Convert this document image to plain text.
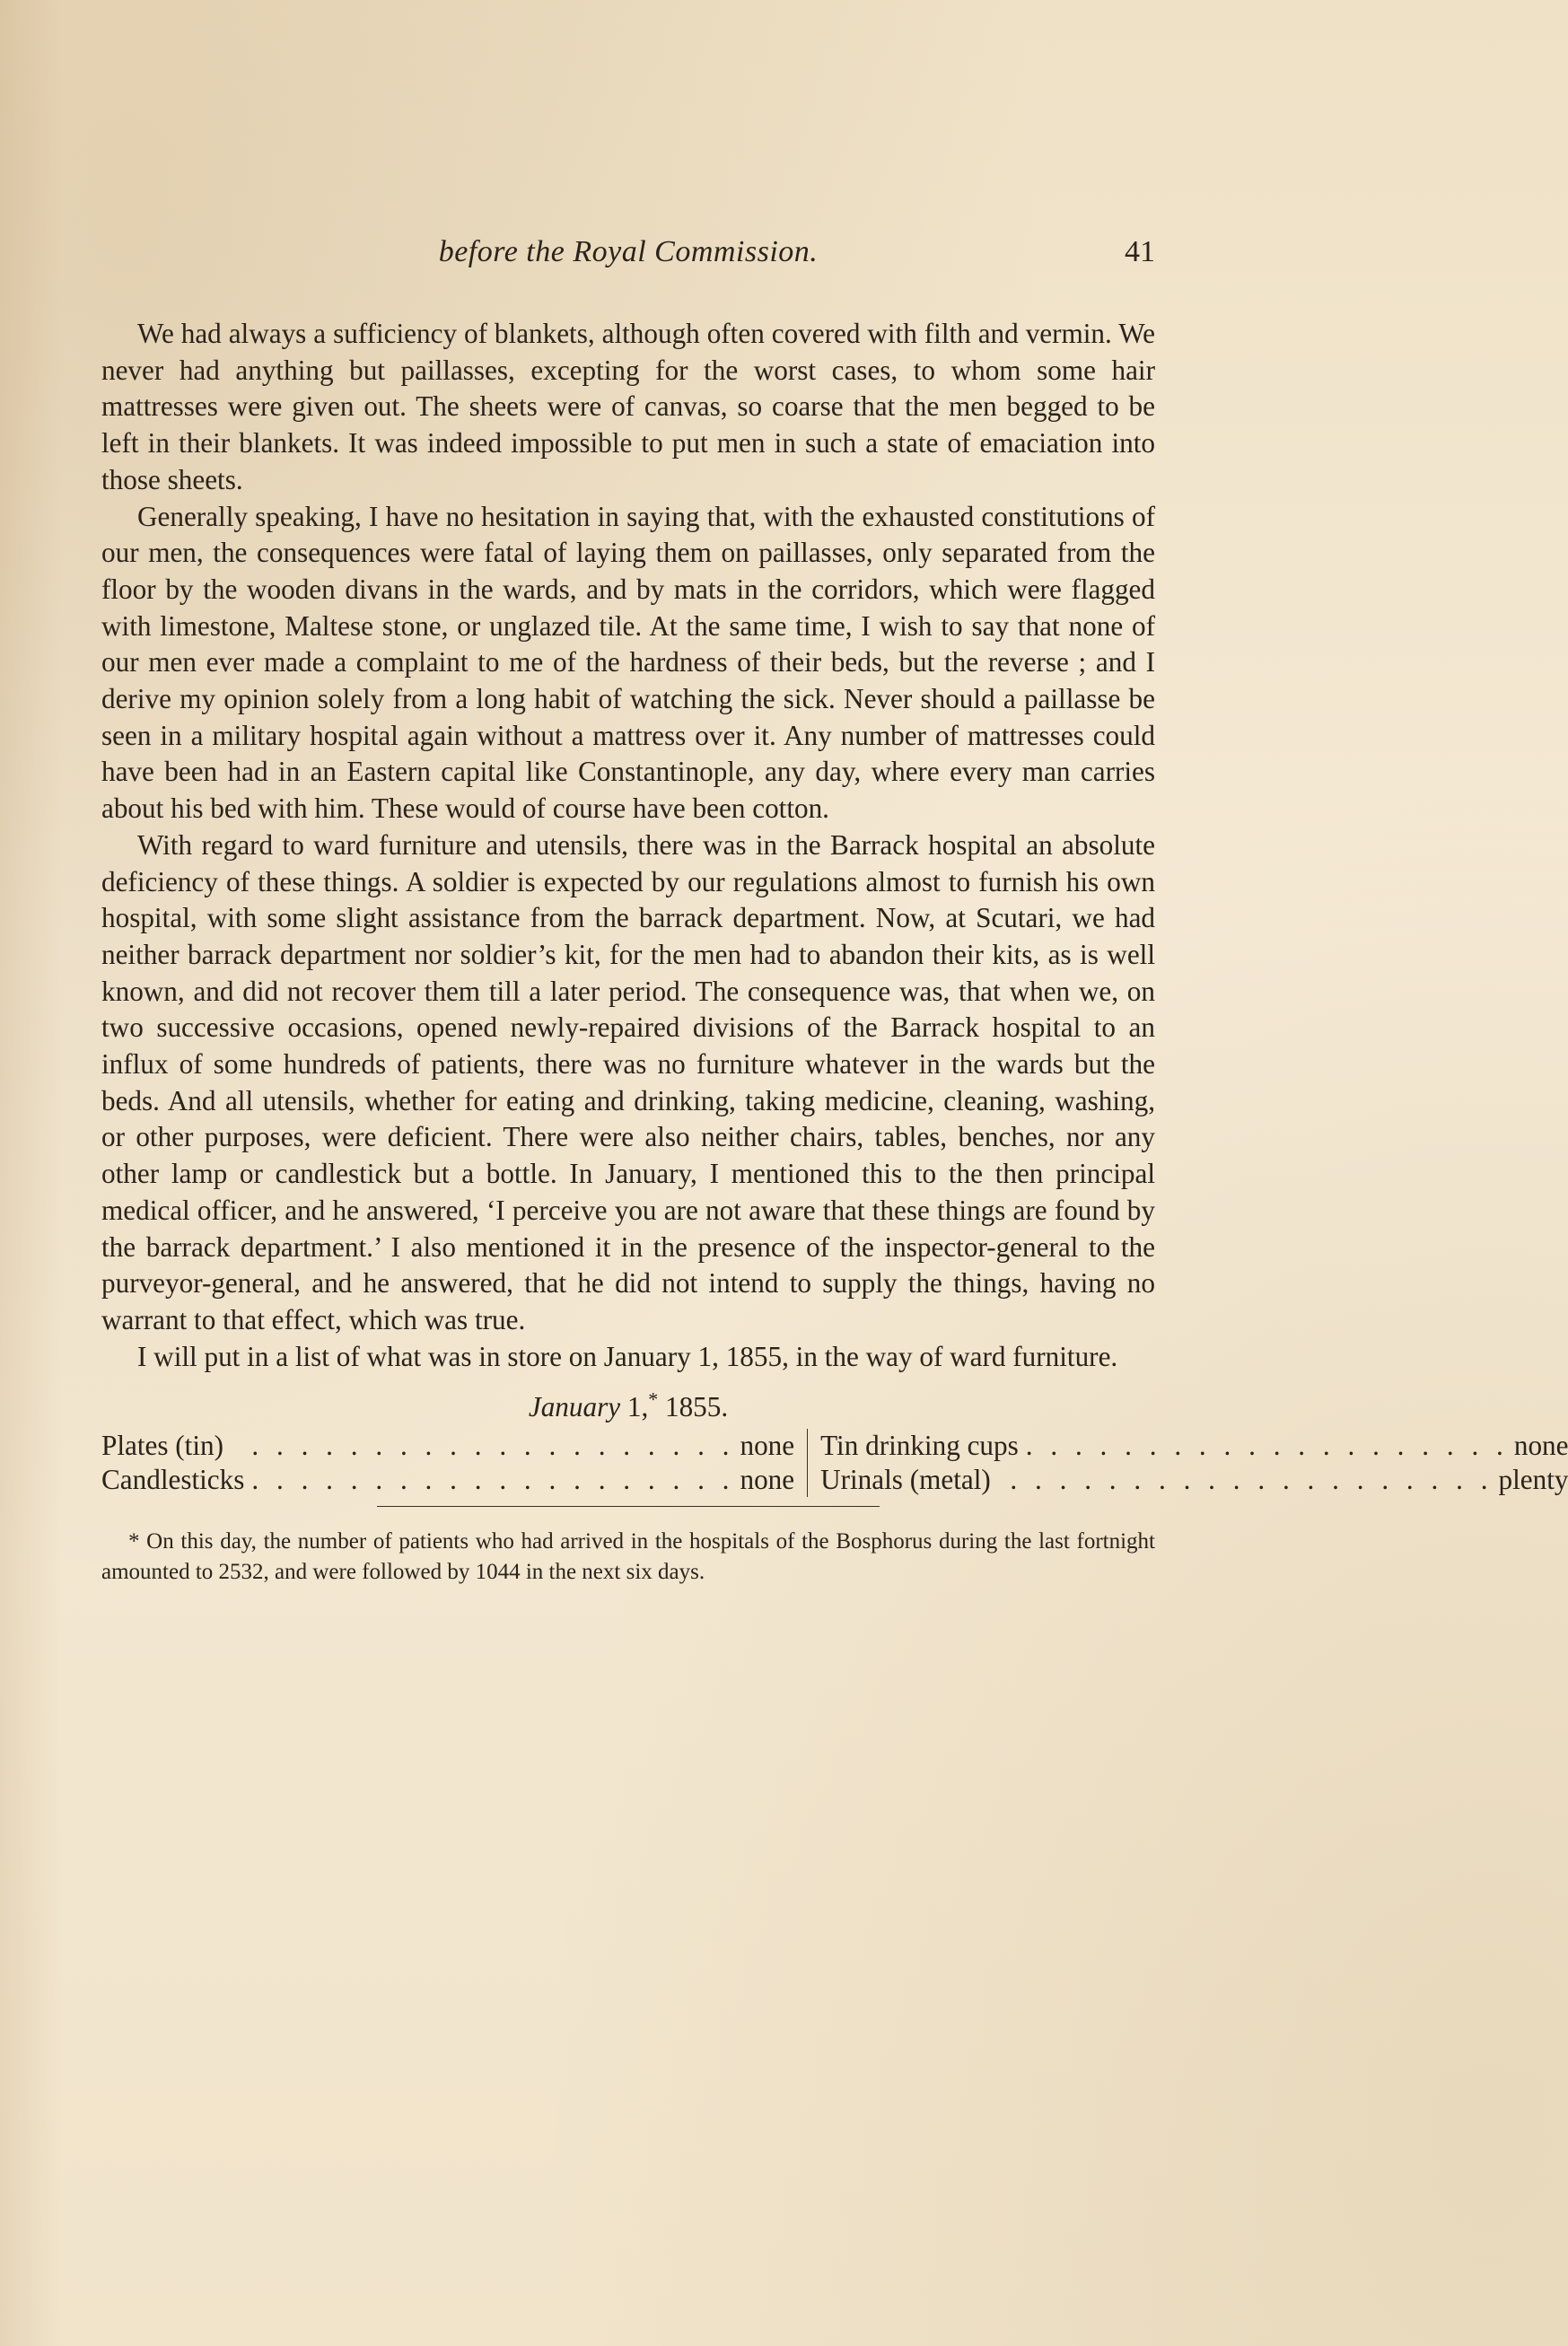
before the Royal Commission.	41

We had always a sufficiency of blankets, although often covered with filth and vermin. We never had anything but paillasses, excepting for the worst cases, to whom some hair mattresses were given out. The sheets were of canvas, so coarse that the men begged to be left in their blankets. It was indeed impossible to put men in such a state of emaciation into those sheets.

Generally speaking, I have no hesitation in saying that, with the exhausted constitutions of our men, the consequences were fatal of laying them on paillasses, only separated from the floor by the wooden divans in the wards, and by mats in the corridors, which were flagged with limestone, Maltese stone, or unglazed tile. At the same time, I wish to say that none of our men ever made a complaint to me of the hardness of their beds, but the reverse ; and I derive my opinion solely from a long habit of watching the sick. Never should a paillasse be seen in a military hospital again without a mattress over it. Any number of mattresses could have been had in an Eastern capital like Constantinople, any day, where every man carries about his bed with him. These would of course have been cotton.

With regard to ward furniture and utensils, there was in the Barrack hospital an absolute deficiency of these things. A soldier is expected by our regulations almost to furnish his own hospital, with some slight assistance from the barrack department. Now, at Scutari, we had neither barrack department nor soldier’s kit, for the men had to abandon their kits, as is well known, and did not recover them till a later period. The consequence was, that when we, on two successive occasions, opened newly-repaired divisions of the Barrack hospital to an influx of some hundreds of patients, there was no furniture whatever in the wards but the beds. And all utensils, whether for eating and drinking, taking medicine, cleaning, washing, or other purposes, were deficient. There were also neither chairs, tables, benches, nor any other lamp or candlestick but a bottle. In January, I mentioned this to the then principal medical officer, and he answered, ‘I perceive you are not aware that these things are found by the barrack department.’ I also mentioned it in the presence of the inspector-general to the purveyor-general, and he answered, that he did not intend to supply the things, having no warrant to that effect, which was true.

I will put in a list of what was in store on January 1, 1855, in the way of ward furniture.

January 1,* 1855.
Plates (tin) . . . . . . . . . . . . . . . . . . . . none	Tin drinking cups . . . . . . . . . . . . . . . . . . . . none

Candlesticks . . . . . . . . . . . . . . . . . . . . none	Urinals (metal) . . . . . . . . . . . . . . . . . . . . plenty

* On this day, the number of patients who had arrived in the hospitals of the Bosphorus during the last fortnight amounted to 2532, and were followed by 1044 in the next six days.
